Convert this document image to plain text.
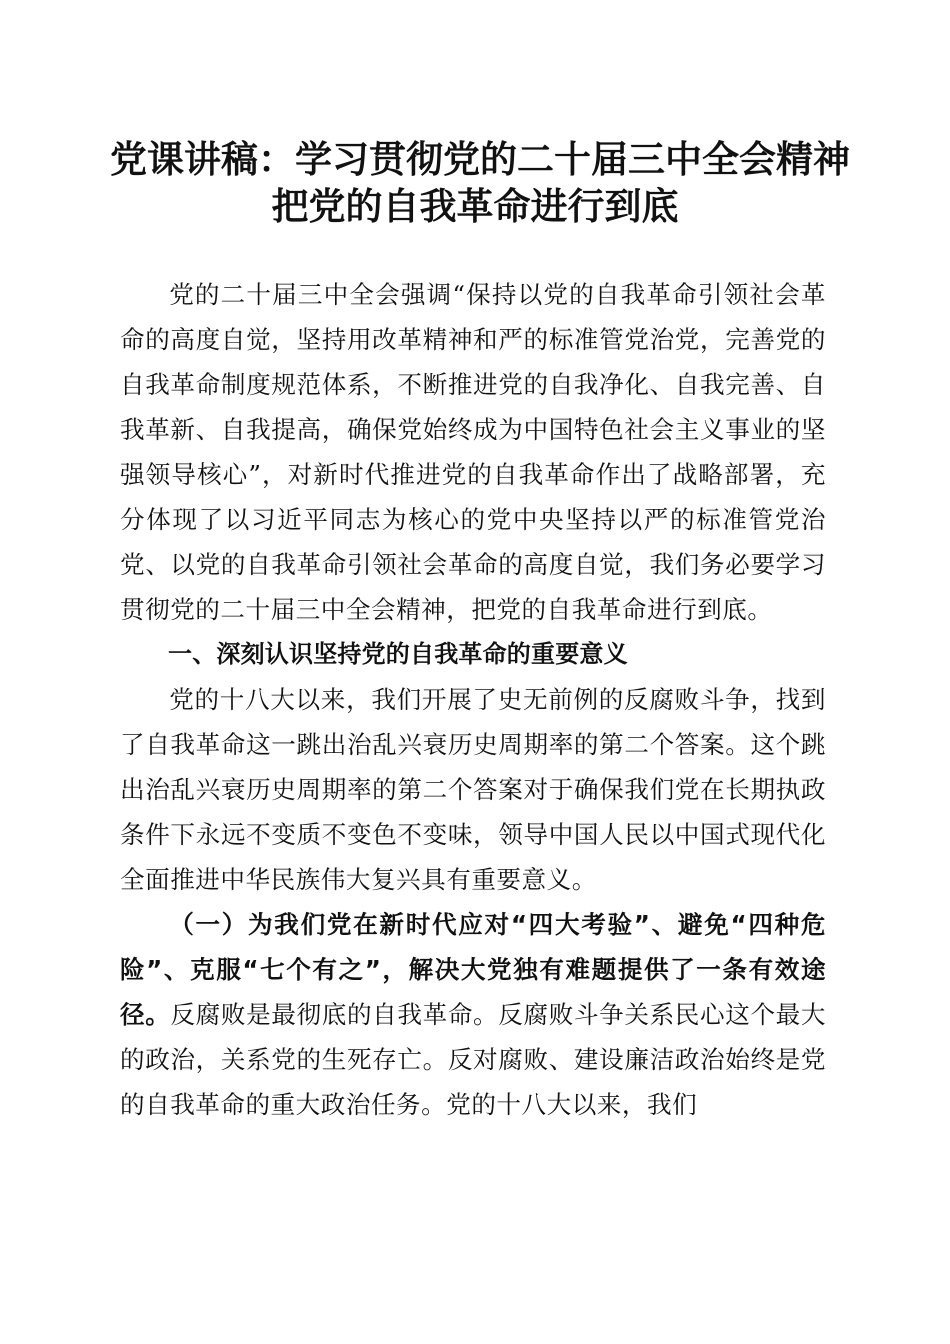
党课讲稿：学习贯彻党的二十届三中全会精神
把党的自我革命进行到底

党的二十届三中全会强调“保持以党的自我革命引领社会革命的高度自觉，坚持用改革精神和严的标准管党治党，完善党的自我革命制度规范体系，不断推进党的自我净化、自我完善、自我革新、自我提高，确保党始终成为中国特色社会主义事业的坚强领导核心”，对新时代推进党的自我革命作出了战略部署，充分体现了以习近平同志为核心的党中央坚持以严的标准管党治党、以党的自我革命引领社会革命的高度自觉，我们务必要学习贯彻党的二十届三中全会精神，把党的自我革命进行到底。

一、深刻认识坚持党的自我革命的重要意义

党的十八大以来，我们开展了史无前例的反腐败斗争，找到了自我革命这一跳出治乱兴衰历史周期率的第二个答案。这个跳出治乱兴衰历史周期率的第二个答案对于确保我们党在长期执政条件下永远不变质不变色不变味，领导中国人民以中国式现代化全面推进中华民族伟大复兴具有重要意义。

（一）为我们党在新时代应对“四大考验”、避免“四种危险”、克服“七个有之”，解决大党独有难题提供了一条有效途径。反腐败是最彻底的自我革命。反腐败斗争关系民心这个最大的政治，关系党的生死存亡。反对腐败、建设廉洁政治始终是党的自我革命的重大政治任务。党的十八大以来，我们
